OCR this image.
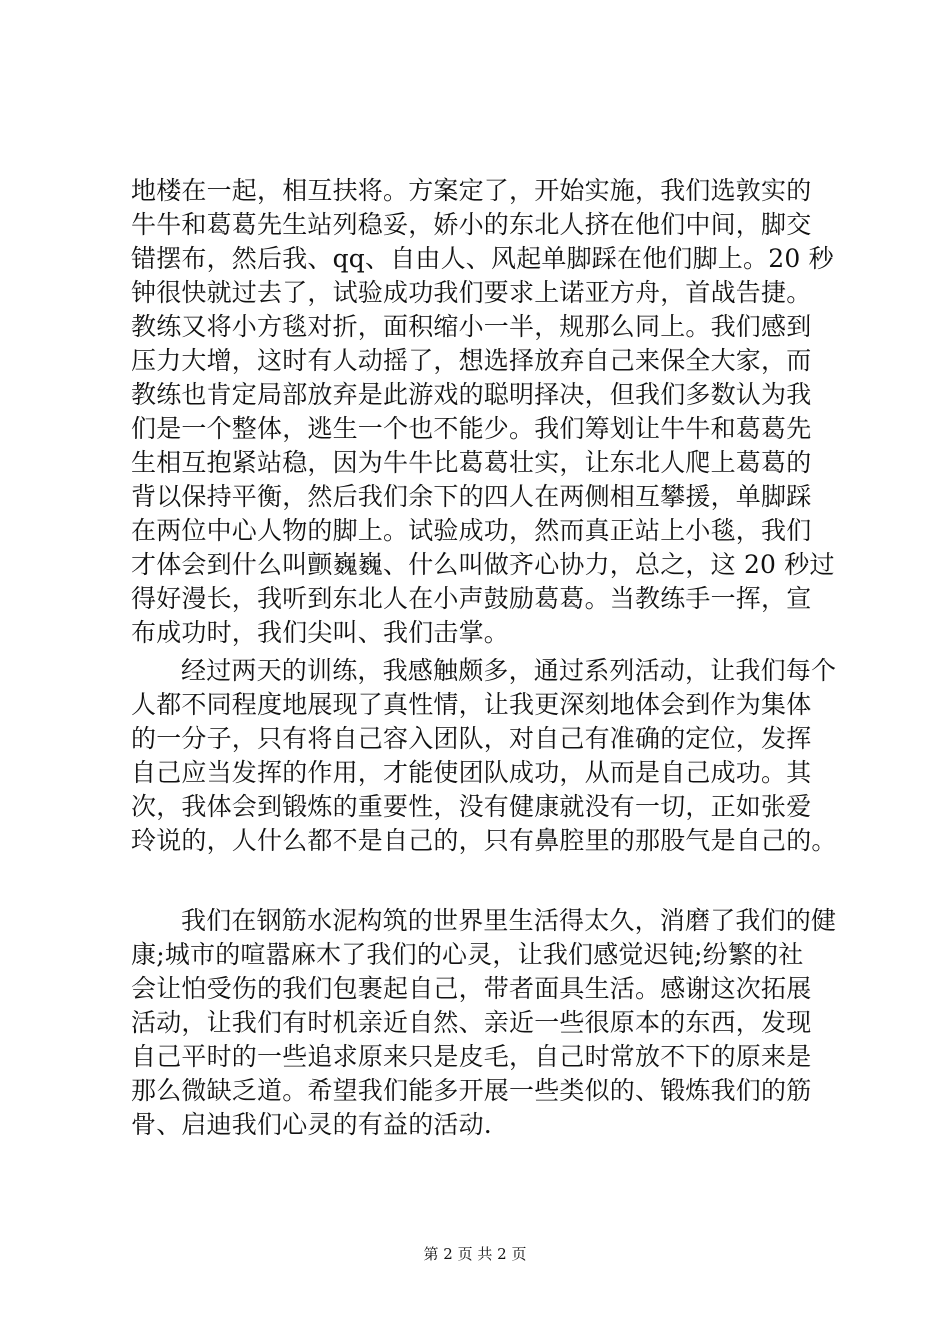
地楼在一起，相互扶将。方案定了，开始实施，我们选敦实的
牛牛和葛葛先生站列稳妥，娇小的东北人挤在他们中间，脚交
错摆布，然后我、qq、自由人、风起单脚踩在他们脚上。20 秒
钟很快就过去了，试验成功我们要求上诺亚方舟，首战告捷。
教练又将小方毯对折，面积缩小一半，规那么同上。我们感到
压力大增，这时有人动摇了，想选择放弃自己来保全大家，而
教练也肯定局部放弃是此游戏的聪明择决，但我们多数认为我
们是一个整体，逃生一个也不能少。我们筹划让牛牛和葛葛先
生相互抱紧站稳，因为牛牛比葛葛壮实，让东北人爬上葛葛的
背以保持平衡，然后我们余下的四人在两侧相互攀援，单脚踩
在两位中心人物的脚上。试验成功，然而真正站上小毯，我们
才体会到什么叫颤巍巍、什么叫做齐心协力，总之，这 20 秒过
得好漫长，我听到东北人在小声鼓励葛葛。当教练手一挥，宣
布成功时，我们尖叫、我们击掌。
经过两天的训练，我感触颇多，通过系列活动，让我们每个
人都不同程度地展现了真性情，让我更深刻地体会到作为集体
的一分子，只有将自己容入团队，对自己有准确的定位，发挥
自己应当发挥的作用，才能使团队成功，从而是自己成功。其
次，我体会到锻炼的重要性，没有健康就没有一切，正如张爱
玲说的，人什么都不是自己的，只有鼻腔里的那股气是自己的。
我们在钢筋水泥构筑的世界里生活得太久，消磨了我们的健
康;城市的喧嚣麻木了我们的心灵，让我们感觉迟钝;纷繁的社
会让怕受伤的我们包裹起自己，带者面具生活。感谢这次拓展
活动，让我们有时机亲近自然、亲近一些很原本的东西，发现
自己平时的一些追求原来只是皮毛，自己时常放不下的原来是
那么微缺乏道。希望我们能多开展一些类似的、锻炼我们的筋
骨、启迪我们心灵的有益的活动.
第 2 页 共 2 页
